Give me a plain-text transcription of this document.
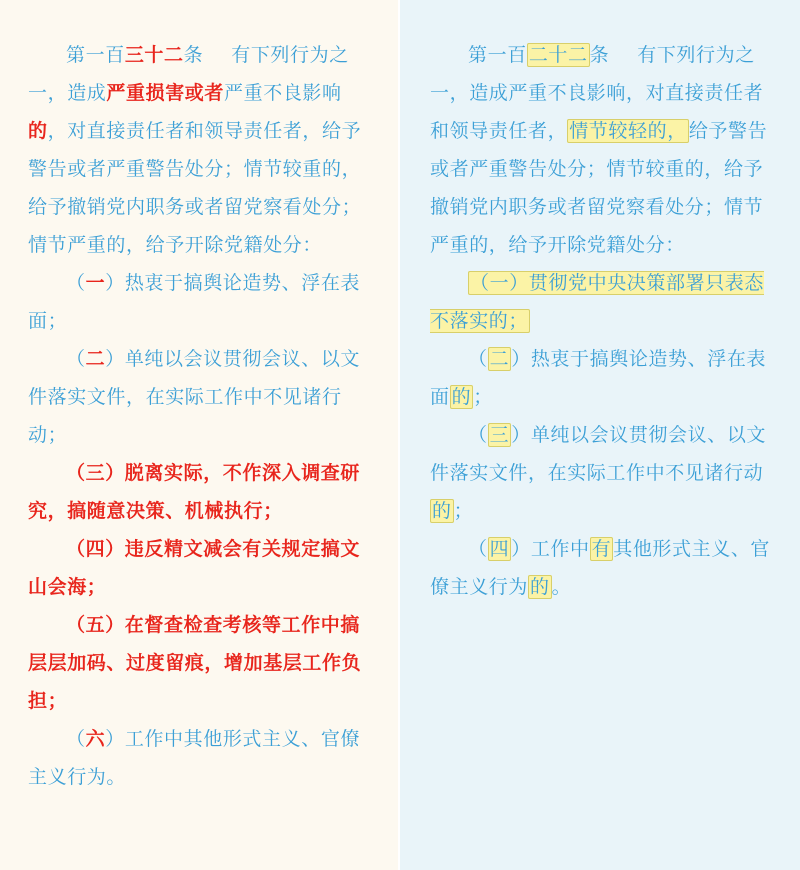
第一百三十二条 有下列行为之一，造成严重损害或者严重不良影响的，对直接责任者和领导责任者，给予警告或者严重警告处分；情节较重的，给予撤销党内职务或者留党察看处分；情节严重的，给予开除党籍处分：

（一）热衷于搞舆论造势、浮在表面；

（二）单纯以会议贯彻会议、以文件落实文件，在实际工作中不见诸行动；

（三）脱离实际，不作深入调查研究，搞随意决策、机械执行；

（四）违反精文减会有关规定搞文山会海；

（五）在督查检查考核等工作中搞层层加码、过度留痕，增加基层工作负担；

（六）工作中其他形式主义、官僚主义行为。

第一百 二十二 条 有下列行为之一，造成严重不良影响，对直接责任者和领导责任者， 情节较轻的， 给予警告或者严重警告处分；情节较重的，给予撤销党内职务或者留党察看处分；情节严重的，给予开除党籍处分：

（一）贯彻党中央决策部署只表态不落实的；

（ 二 ）热衷于搞舆论造势、浮在表面 的 ；

（ 三 ）单纯以会议贯彻会议、以文件落实文件，在实际工作中不见诸行动的 ；

（ 四 ）工作中 有 其他形式主义、官僚主义行为 的 。
